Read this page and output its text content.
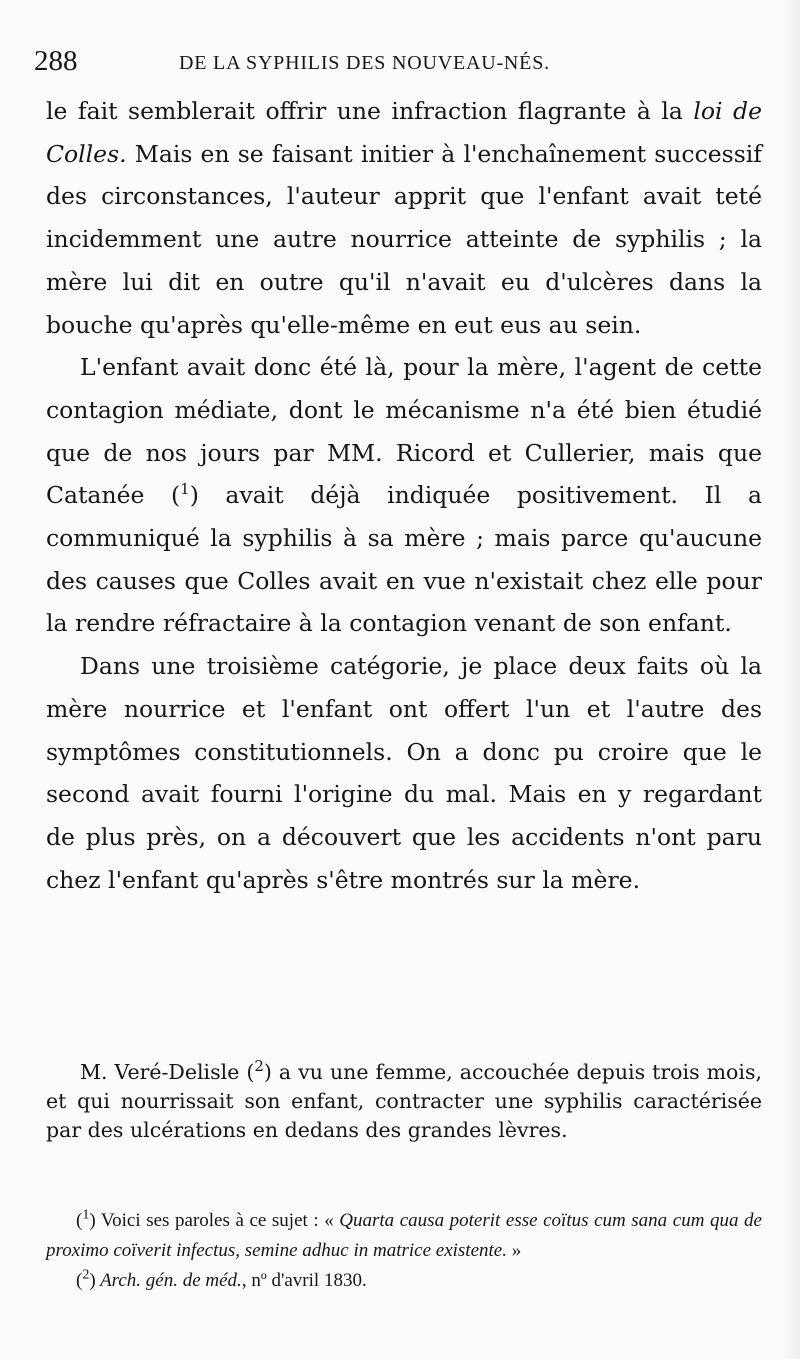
288	DE LA SYPHILIS DES NOUVEAU-NÉS.

le fait semblerait offrir une infraction flagrante à la loi de Colles. Mais en se faisant initier à l'enchaînement successif des circonstances, l'auteur apprit que l'enfant avait teté incidemment une autre nourrice atteinte de syphilis ; la mère lui dit en outre qu'il n'avait eu d'ulcères dans la bouche qu'après qu'elle-même en eut eus au sein.

L'enfant avait donc été là, pour la mère, l'agent de cette contagion médiate, dont le mécanisme n'a été bien étudié que de nos jours par MM. Ricord et Cullerier, mais que Catanée ($^1$) avait déjà indiquée positivement. Il a communiqué la syphilis à sa mère ; mais parce qu'aucune des causes que Colles avait en vue n'existait chez elle pour la rendre réfractaire à la contagion venant de son enfant.

Dans une troisième catégorie, je place deux faits où la mère nourrice et l'enfant ont offert l'un et l'autre des symptômes constitutionnels. On a donc pu croire que le second avait fourni l'origine du mal. Mais en y regardant de plus près, on a découvert que les accidents n'ont paru chez l'enfant qu'après s'être montrés sur la mère.

M. Veré-Delisle ($^2$) a vu une femme, accouchée depuis trois mois, et qui nourrissait son enfant, contracter une syphilis caractérisée par des ulcérations en dedans des grandes lèvres.

($^1$) Voici ses paroles à ce sujet : « Quarta causa poterit esse coïtus cum sana cum qua de proximo coïverit infectus, semine adhuc in matrice existente. »

($^2$) Arch. gén. de méd., nº d'avril 1830.
